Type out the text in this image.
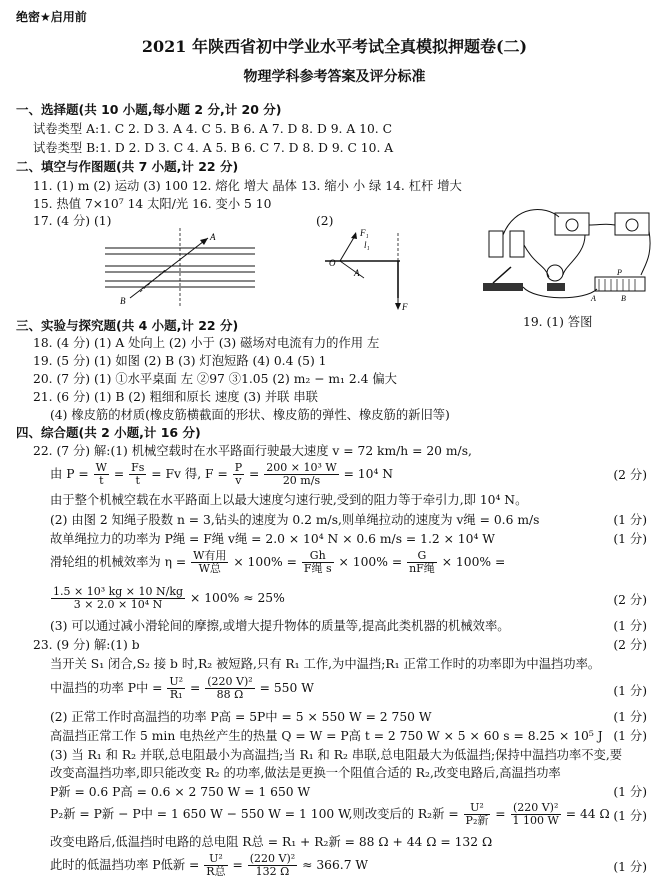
绝密★启用前
2021 年陕西省初中学业水平考试全真模拟押题卷(二)
物理学科参考答案及评分标准
一、选择题(共 10 小题,每小题 2 分,计 20 分)
试卷类型 A:1. C 2. D 3. A 4. C 5. B 6. A 7. D 8. D 9. A 10. C
试卷类型 B:1. D 2. D 3. C 4. A 5. B 6. C 7. D 8. D 9. C 10. A
二、填空与作图题(共 7 小题,计 22 分)
11. (1) m (2) 运动 (3) 100 12. 熔化 增大 晶体 13. 缩小 小 绿 14. 杠杆 增大
15. 热值 7×10⁷ 14 太阳/光 16. 变小 5 10
17. (4 分) (1)	(2)
A
B
O
F₁
l₁
A
F
P
A	B
19. (1) 答图
三、实验与探究题(共 4 小题,计 22 分)
18. (4 分) (1) A 处向上 (2) 小于 (3) 磁场对电流有力的作用 左
19. (5 分) (1) 如图 (2) B (3) 灯泡短路 (4) 0.4 (5) 1
20. (7 分) (1) ①水平桌面 左 ②97 ③1.05 (2) m₂ − m₁ 2.4 偏大
21. (6 分) (1) B (2) 粗细和原长 速度 (3) 并联 串联
(4) 橡皮筋的材质(橡皮筋横截面的形状、橡皮筋的弹性、橡皮筋的新旧等)
四、综合题(共 2 小题,计 16 分)
22. (7 分) 解:(1) 机械空载时在水平路面行驶最大速度 v = 72 km/h = 20 m/s,
由 $P = \frac{W}{t} = \frac{Fs}{t} = Fv$ 得, $F = \frac{P}{v} = \frac{\text{200 × 10³ W}}{20 m/s} = 10^4$ N	(2 分)
由于整个机械空载在水平路面上以最大速度匀速行驶,受到的阻力等于牵引力,即 10⁴ N。
(2) 由图 2 知绳子股数 n = 3,钻头的速度为 0.2 m/s,则单绳拉动的速度为 v绳 = 0.6 m/s	(1 分)
故单绳拉力的功率为 P绳 = F绳 v绳 = 2.0 × 10⁴ N × 0.6 m/s = 1.2 × 10⁴ W	(1 分)
滑轮组的机械效率为 $\eta = \frac{\text{W有用}}{\text{W总}} \times 100\% = \frac{Gh}{\text{F绳 s}} \times 100\% = \frac{G}{\text{nF绳}} \times 100\%$ =
$\frac{\text{1.5 × 10³ kg × 10 N/kg}}{\text{3 × 2.0 × 10⁴ N}} \times 100\% \approx 25\%$	(2 分)
(3) 可以通过减小滑轮间的摩擦,或增大提升物体的质量等,提高此类机器的机械效率。	(1 分)
23. (9 分) 解:(1) b	(2 分)
当开关 S₁ 闭合,S₂ 接 b 时,R₂ 被短路,只有 R₁ 工作,为中温挡;R₁ 正常工作时的功率即为中温挡功率。
中温挡的功率 P中 = $\frac{\text{U²}}{\text{R₁}} = \frac{\text{(220 V)²}}{88 \Omega} = 550$ W	(1 分)
(2) 正常工作时高温挡的功率 P高 = 5P中 = 5 × 550 W = 2 750 W	(1 分)
高温挡正常工作 5 min 电热丝产生的热量 Q = W = P高 t = 2 750 W × 5 × 60 s = 8.25 × 10⁵ J (1 分)
(3) 当 R₁ 和 R₂ 并联,总电阻最小为高温挡;当 R₁ 和 R₂ 串联,总电阻最大为低温挡;保持中温挡功率不变,要
改变高温挡功率,即只能改变 R₂ 的功率,做法是更换一个阻值合适的 R₂,改变电路后,高温挡功率
P新 = 0.6 P高 = 0.6 × 2 750 W = 1 650 W	(1 分)
P₂新 = P新 − P中 = 1 650 W − 550 W = 1 100 W,则改变后的 R₂新 = $\frac{\text{U²}}{\text{P₂新}} = \frac{\text{(220 V)²}}{1 100 W} = 44$ Ω (1 分)
改变电路后,低温挡时电路的总电阻 R总 = R₁ + R₂新 = 88 Ω + 44 Ω = 132 Ω
此时的低温挡功率 P低新 = $\frac{\text{U²}}{\text{R总}} = \frac{\text{(220 V)²}}{132 \Omega} \approx 366.7$ W	(1 分)
